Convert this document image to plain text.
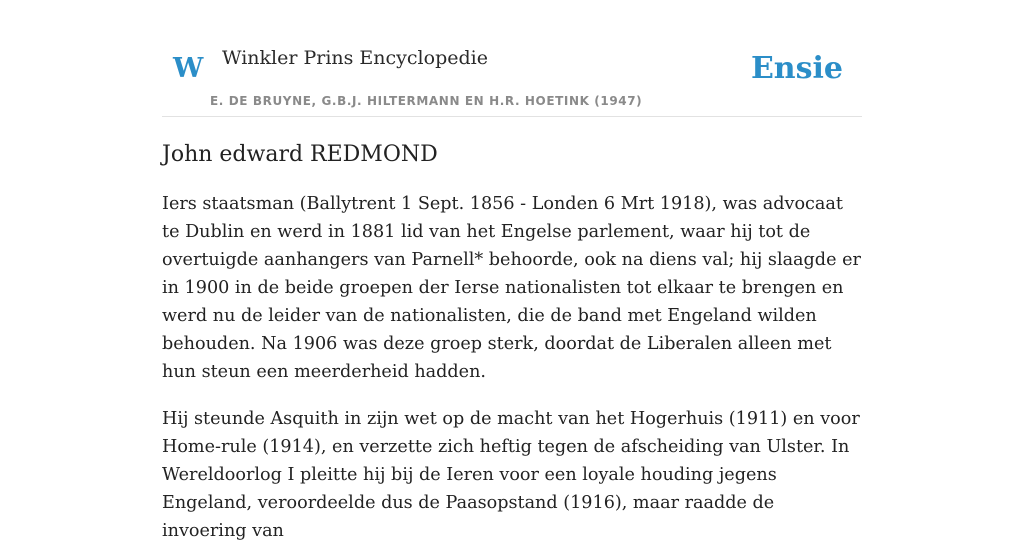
W Winkler Prins Encyclopedie
E. DE BRUYNE, G.B.J. HILTERMANN EN H.R. HOETINK (1947)
Ensie
John edward REDMOND

Iers staatsman (Ballytrent 1 Sept. 1856 - Londen 6 Mrt 1918), was advocaat te Dublin en werd in 1881 lid van het Engelse parlement, waar hij tot de overtuigde aanhangers van Parnell* behoorde, ook na diens val; hij slaagde er in 1900 in de beide groepen der Ierse nationalisten tot elkaar te brengen en werd nu de leider van de nationalisten, die de band met Engeland wilden behouden. Na 1906 was deze groep sterk, doordat de Liberalen alleen met hun steun een meerderheid hadden.

Hij steunde Asquith in zijn wet op de macht van het Hogerhuis (1911) en voor Home-rule (1914), en verzette zich heftig tegen de afscheiding van Ulster. In Wereldoorlog I pleitte hij bij de Ieren voor een loyale houding jegens Engeland, veroordeelde dus de Paasopstand (1916), maar raadde de invoering van
